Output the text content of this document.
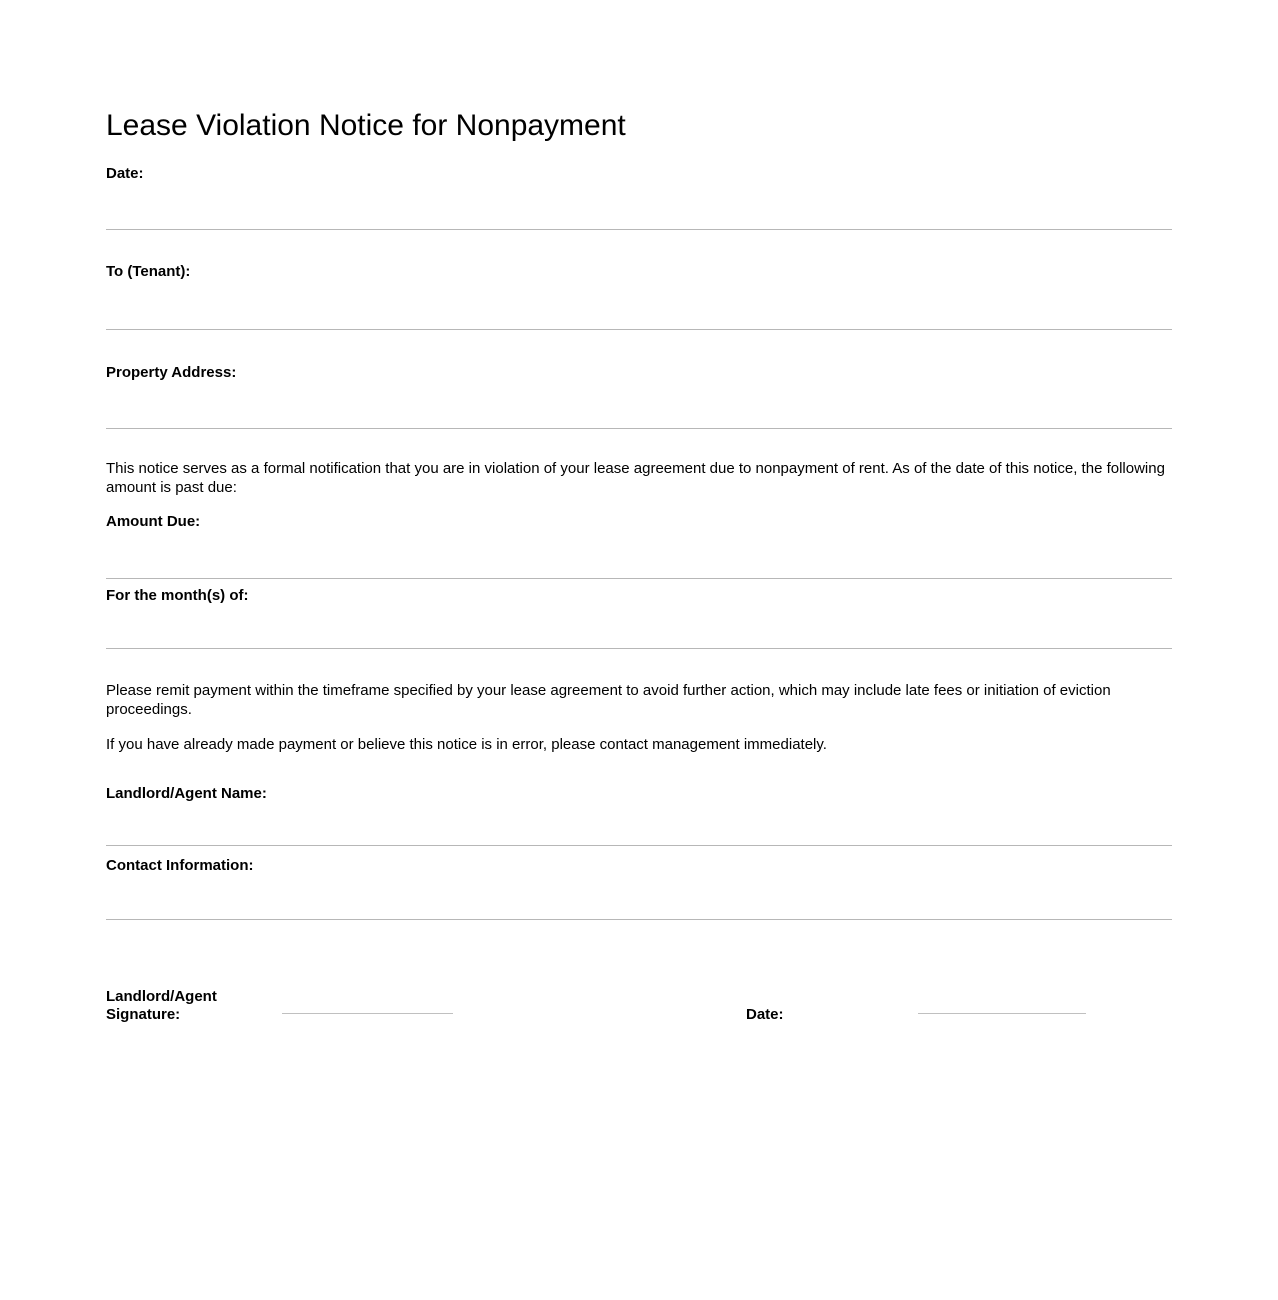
Lease Violation Notice for Nonpayment
Date:
To (Tenant):
Property Address:

This notice serves as a formal notification that you are in violation of your lease agreement due to nonpayment of rent. As of the date of this notice, the following amount is past due:

Amount Due:
For the month(s) of:

Please remit payment within the timeframe specified by your lease agreement to avoid further action, which may include late fees or initiation of eviction proceedings.

If you have already made payment or believe this notice is in error, please contact management immediately.

Landlord/Agent Name:
Contact Information:
Landlord/Agent Signature:	Date:
